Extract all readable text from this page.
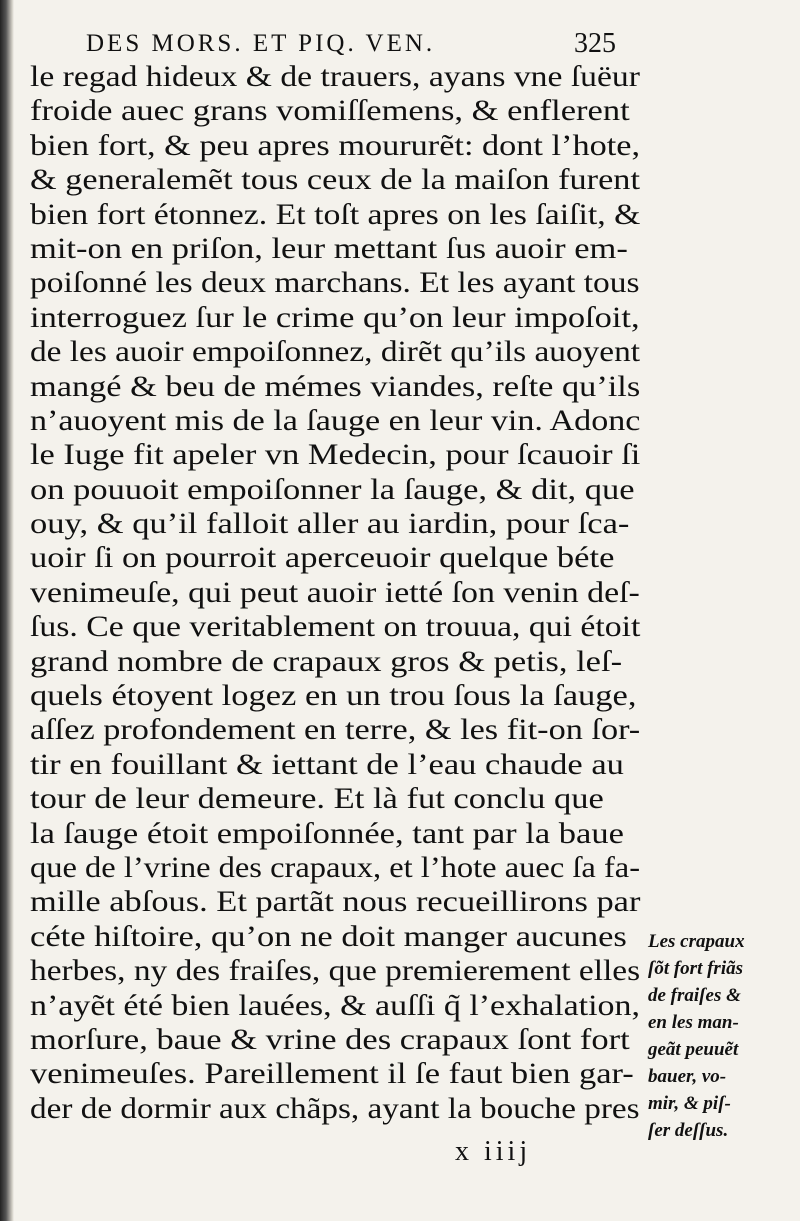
DES MORS. ET PIQ. VEN.	325
le regad hideux & de trauers, ayans vne ſuëur
froide auec grans vomiſſemens, & enflerent
bien fort, & peu apres moururẽt: dont l’hote,
& generalemẽt tous ceux de la maiſon furent
bien fort étonnez. Et toſt apres on les ſaiſit, &
mit-on en priſon, leur mettant ſus auoir em-
poiſonné les deux marchans. Et les ayant tous
interroguez ſur le crime qu’on leur impoſoit,
de les auoir empoiſonnez, dirẽt qu’ils auoyent
mangé & beu de mémes viandes, reſte qu’ils
n’auoyent mis de la ſauge en leur vin. Adonc
le Iuge fit apeler vn Medecin, pour ſcauoir ſi
on pouuoit empoiſonner la ſauge, & dit, que
ouy, & qu’il falloit aller au iardin, pour ſca-
uoir ſi on pourroit aperceuoir quelque béte
venimeuſe, qui peut auoir ietté ſon venin deſ-
ſus. Ce que veritablement on trouua, qui étoit
grand nombre de crapaux gros & petis, leſ-
quels étoyent logez en un trou ſous la ſauge,
aſſez profondement en terre, & les fit-on ſor-
tir en fouillant & iettant de l’eau chaude au
tour de leur demeure. Et là fut conclu que
la ſauge étoit empoiſonnée, tant par la baue
que de l’vrine des crapaux, et l’hote auec ſa fa-
mille abſous. Et partãt nous recueillirons par
céte hiſtoire, qu’on ne doit manger aucunes
herbes, ny des fraiſes, que premierement elles
n’ayẽt été bien lauées, & auſſi q̃ l’exhalation,
morſure, baue & vrine des crapaux ſont fort
venimeuſes. Pareillement il ſe faut bien gar-
der de dormir aux chãps, ayant la bouche pres
Les crapaux
ſõt fort friãs
de fraiſes &
en les man-
geãt peuuẽt
bauer, vo-
mir, & piſ-
ſer deſſus.
x iiij
